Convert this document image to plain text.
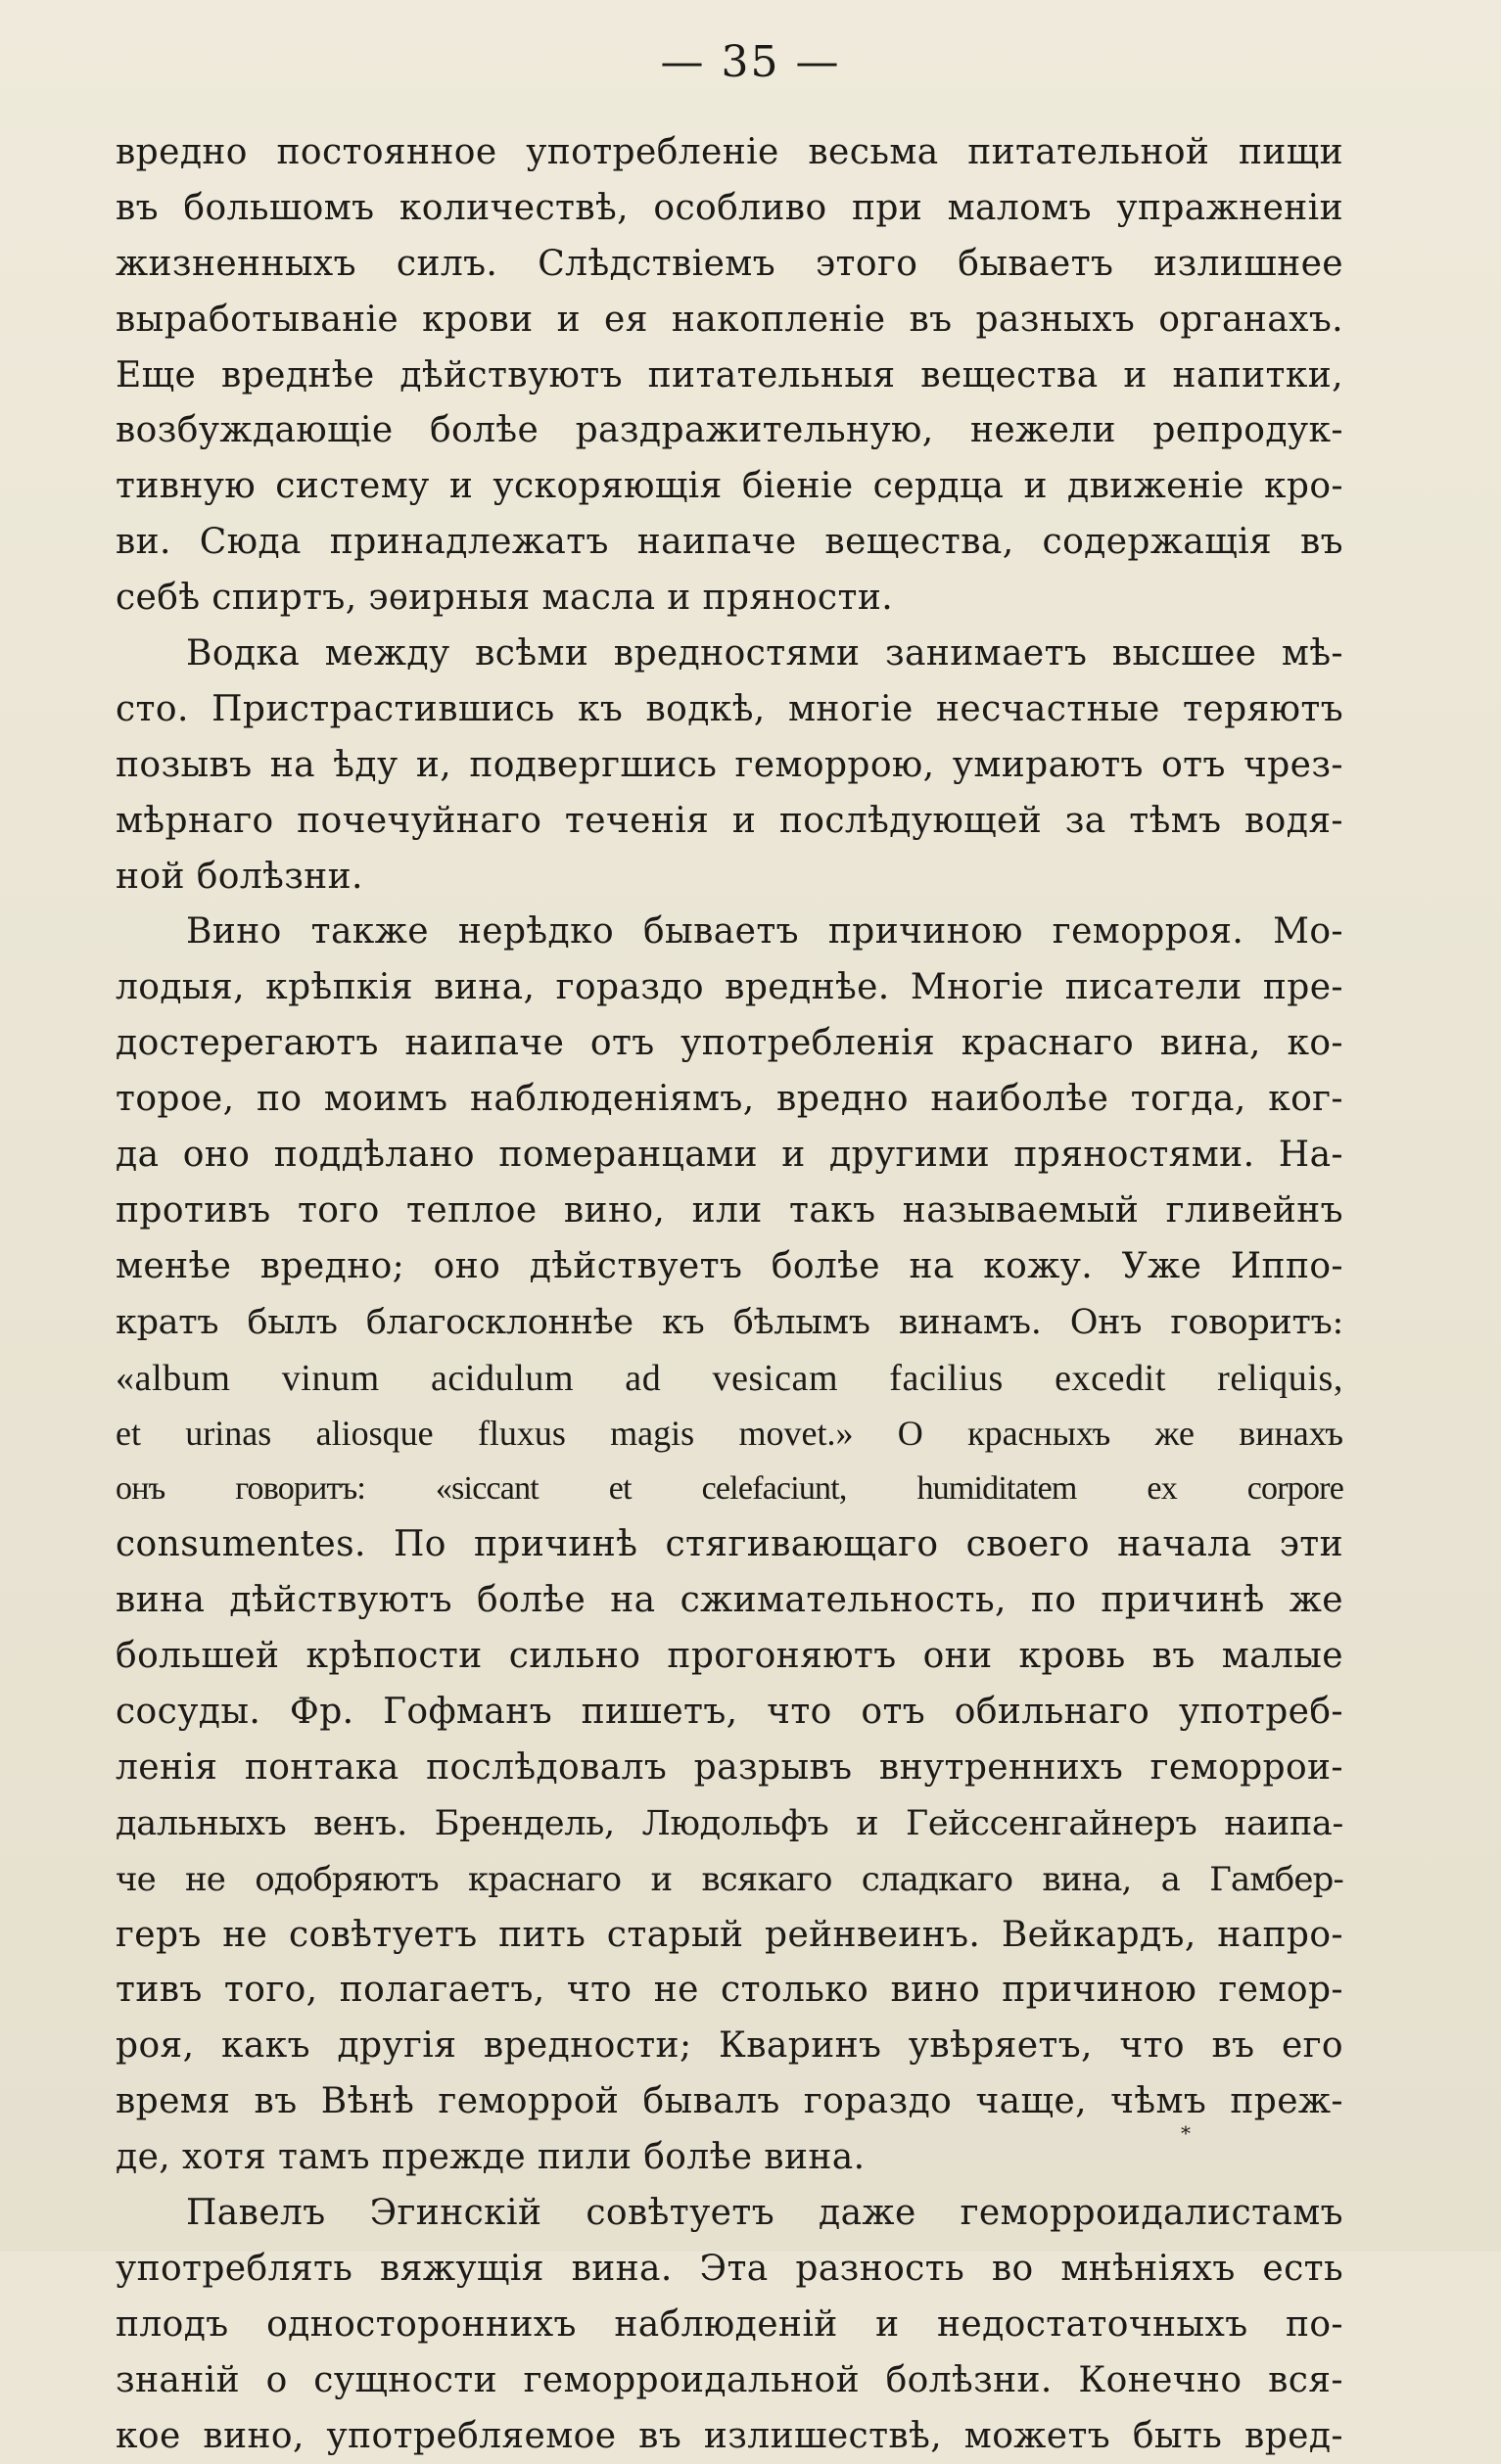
— 35 —
вредно постоянное употребленіе весьма питательной пищи
въ большомъ количествѣ, особливо при маломъ упражненіи
жизненныхъ силъ. Слѣдствіемъ этого бываетъ излишнее
выработываніе крови и ея накопленіе въ разныхъ органахъ.
Еще вреднѣе дѣйствуютъ питательныя вещества и напитки,
возбуждающіе болѣе раздражительную, нежели репродук-
тивную систему и ускоряющія біеніе сердца и движеніе кро-
ви. Сюда принадлежатъ наипаче вещества, содержащія въ
себѣ спиртъ, эѳирныя масла и пряности.
Водка между всѣми вредностями занимаетъ высшее мѣ-
сто. Пристрастившись къ водкѣ, многіе несчастные теряютъ
позывъ на ѣду и, подвергшись геморрою, умираютъ отъ чрез-
мѣрнаго почечуйнаго теченія и послѣдующей за тѣмъ водя-
ной болѣзни.
Вино также нерѣдко бываетъ причиною геморроя. Мо-
лодыя, крѣпкія вина, гораздо вреднѣе. Многіе писатели пре-
достерегаютъ наипаче отъ употребленія краснаго вина, ко-
торое, по моимъ наблюденіямъ, вредно наиболѣе тогда, ког-
да оно поддѣлано померанцами и другими пряностями. На-
противъ того теплое вино, или такъ называемый гливейнъ
менѣе вредно; оно дѣйствуетъ болѣе на кожу. Уже Иппо-
кратъ былъ благосклоннѣе къ бѣлымъ винамъ. Онъ говоритъ:
«album vinum acidulum ad vesicam facilius excedit reliquis,
et urinas aliosque fluxus magis movet.» О красныхъ же винахъ
онъ говоритъ: «siccant et celefaciunt, humiditatem ex corpore
consumentes. По причинѣ стягивающаго своего начала эти
вина дѣйствуютъ болѣе на сжимательность, по причинѣ же
большей крѣпости сильно прогоняютъ они кровь въ малые
сосуды. Фр. Гофманъ пишетъ, что отъ обильнаго употреб-
ленія понтака послѣдовалъ разрывъ внутреннихъ геморрои-
дальныхъ венъ. Брендель, Людольфъ и Гейссенгайнеръ наипа-
че не одобряютъ краснаго и всякаго сладкаго вина, а Гамбер-
геръ не совѣтуетъ пить старый рейнвеинъ. Вейкардъ, напро-
тивъ того, полагаетъ, что не столько вино причиною гемор-
роя, какъ другія вредности; Кваринъ увѣряетъ, что въ его
время въ Вѣнѣ геморрой бывалъ гораздо чаще, чѣмъ преж-
де, хотя тамъ прежде пили болѣе вина.
Павелъ Эгинскій совѣтуетъ даже геморроидалистамъ
употреблять вяжущія вина. Эта разность во мнѣніяхъ есть
плодъ одностороннихъ наблюденій и недостаточныхъ по-
знаній о сущности геморроидальной болѣзни. Конечно вся-
кое вино, употребляемое въ излишествѣ, можетъ быть вред-
*
